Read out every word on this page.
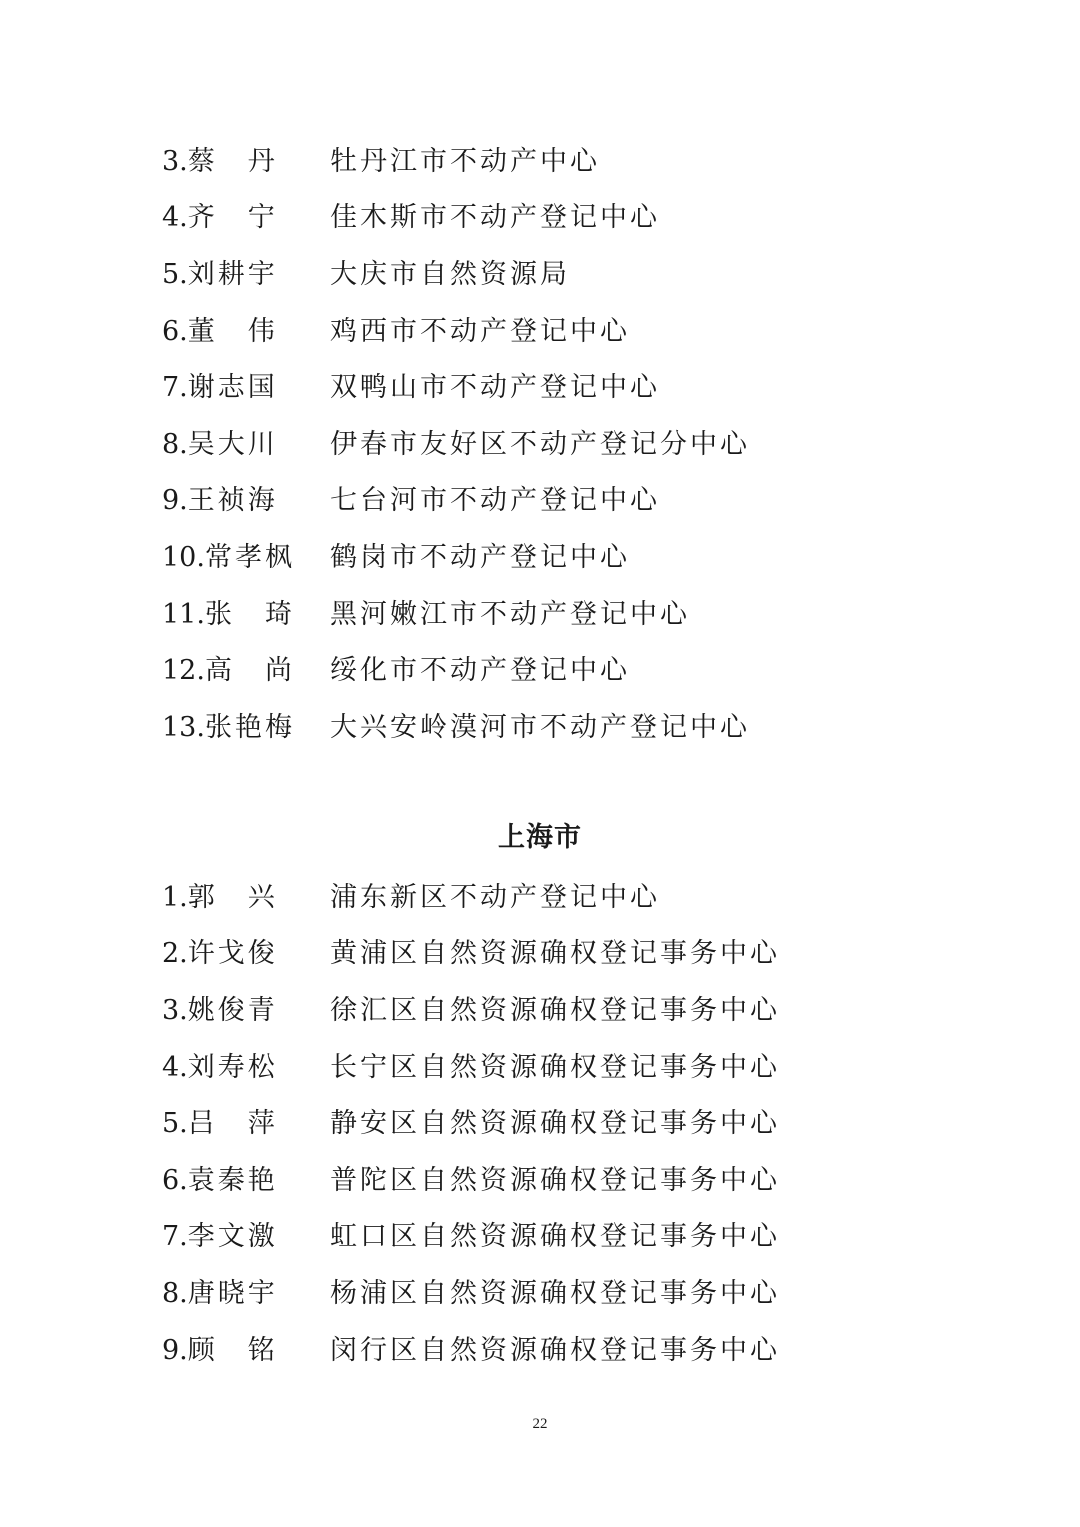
3.蔡　丹	牡丹江市不动产中心
4.齐　宁	佳木斯市不动产登记中心
5.刘耕宇	大庆市自然资源局
6.董　伟	鸡西市不动产登记中心
7.谢志国	双鸭山市不动产登记中心
8.吴大川	伊春市友好区不动产登记分中心
9.王祯海	七台河市不动产登记中心
10.常孝枫	鹤岗市不动产登记中心
11.张　琦	黑河嫩江市不动产登记中心
12.高　尚	绥化市不动产登记中心
13.张艳梅	大兴安岭漠河市不动产登记中心
上海市
1.郭　兴	浦东新区不动产登记中心
2.许戈俊	黄浦区自然资源确权登记事务中心
3.姚俊青	徐汇区自然资源确权登记事务中心
4.刘寿松	长宁区自然资源确权登记事务中心
5.吕　萍	静安区自然资源确权登记事务中心
6.袁秦艳	普陀区自然资源确权登记事务中心
7.李文激	虹口区自然资源确权登记事务中心
8.唐晓宇	杨浦区自然资源确权登记事务中心
9.顾　铭	闵行区自然资源确权登记事务中心
22
